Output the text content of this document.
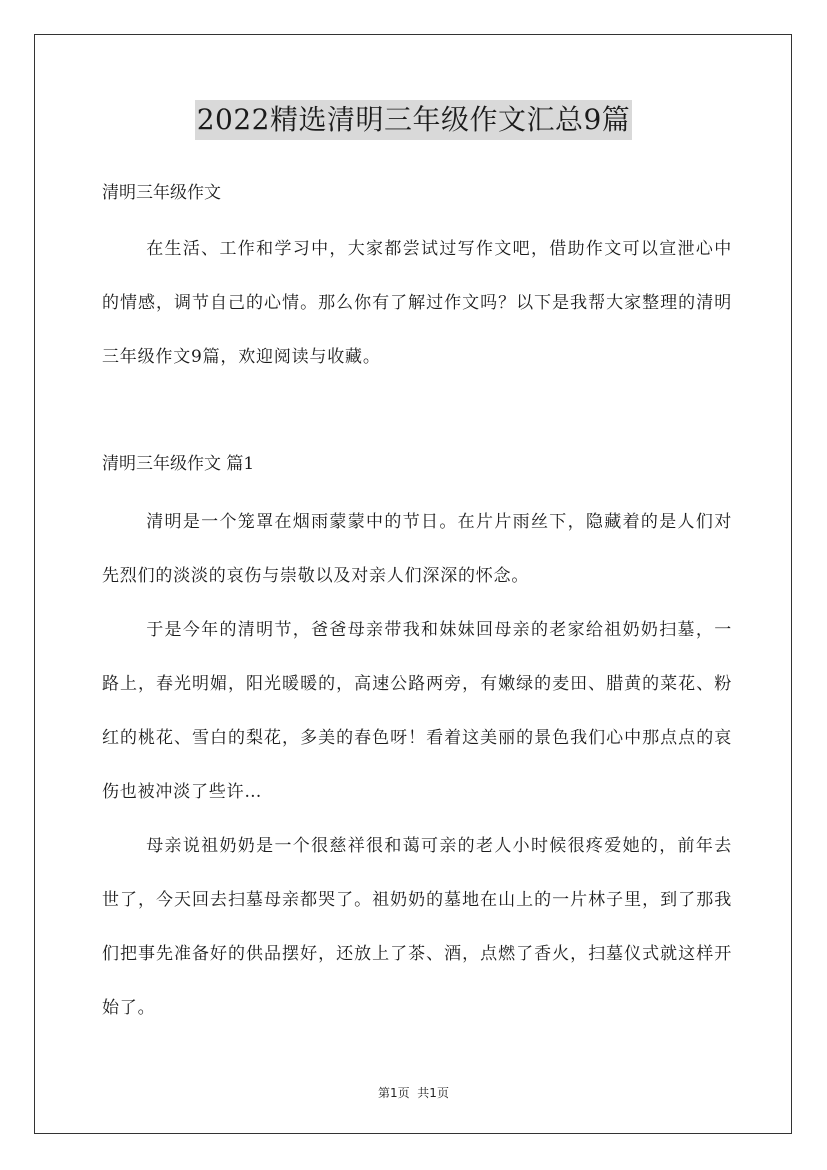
2022精选清明三年级作文汇总9篇

清明三年级作文

在生活、工作和学习中，大家都尝试过写作文吧，借助作文可以宣泄心中的情感，调节自己的心情。那么你有了解过作文吗？以下是我帮大家整理的清明三年级作文9篇，欢迎阅读与收藏。

清明三年级作文 篇1

清明是一个笼罩在烟雨蒙蒙中的节日。在片片雨丝下，隐藏着的是人们对先烈们的淡淡的哀伤与崇敬以及对亲人们深深的怀念。

于是今年的清明节，爸爸母亲带我和妹妹回母亲的老家给祖奶奶扫墓，一路上，春光明媚，阳光暖暖的，高速公路两旁，有嫩绿的麦田、腊黄的菜花、粉红的桃花、雪白的梨花，多美的春色呀！看着这美丽的景色我们心中那点点的哀伤也被冲淡了些许…

母亲说祖奶奶是一个很慈祥很和蔼可亲的老人小时候很疼爱她的，前年去世了，今天回去扫墓母亲都哭了。祖奶奶的墓地在山上的一片林子里，到了那我们把事先准备好的供品摆好，还放上了茶、酒，点燃了香火，扫墓仪式就这样开始了。

第1页  共1页
